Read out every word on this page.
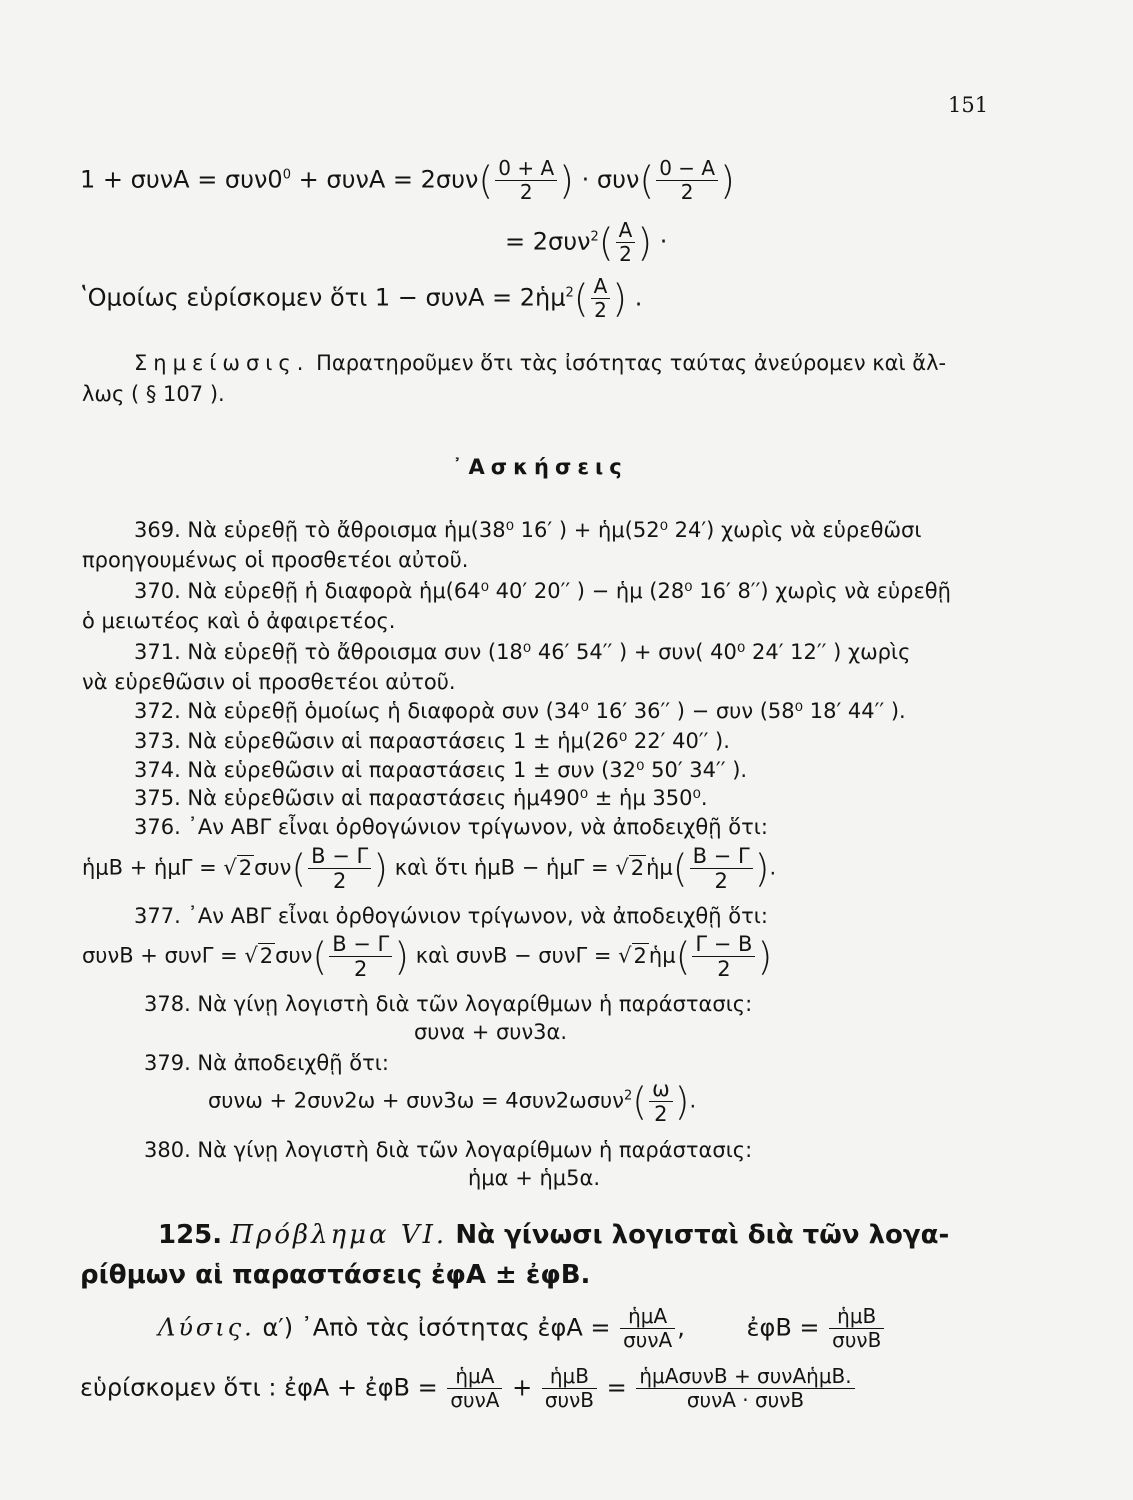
151
$1 + \sigma\upsilon\nu A = \sigma\upsilon\nu 0^0 + \sigma\upsilon\nu A = 2\sigma\upsilon\nu( \frac{0 + A}{2}$ ) · $\sigma\upsilon\nu( \frac{0 - A}{2}$ )
= $2\sigma\upsilon\nu^2( \frac{A}{2}$ ) ·
ʽΟμοίως εὑρίσκομεν ὅτι 1 − συνA = 2ἡμ$^2$( $\frac{A}{2}$ ) .
Σημείωσις. Παρατηροῦμεν ὅτι τὰς ἰσότητας ταύτας ἀνεύρομεν καὶ ἄλ-
λως ( § 107 ).
᾿Ασκήσεις
369. Νὰ εὑρεθῇ τὸ ἄθροισμα ἡμ(38⁰ 16′ ) + ἡμ(52⁰ 24′) χωρὶς νὰ εὑρεθῶσι
προηγουμένως οἱ προσθετέοι αὐτοῦ.
370. Νὰ εὑρεθῇ ἡ διαφορὰ ἡμ(64⁰ 40′ 20′′ ) − ἡμ (28⁰ 16′ 8′′) χωρὶς νὰ εὑρεθῇ
ὁ μειωτέος καὶ ὁ ἀφαιρετέος.
371. Νὰ εὑρεθῇ τὸ ἄθροισμα συν (18⁰ 46′ 54′′ ) + συν( 40⁰ 24′ 12′′ ) χωρὶς
νὰ εὑρεθῶσιν οἱ προσθετέοι αὐτοῦ.
372. Νὰ εὑρεθῇ ὁμοίως ἡ διαφορὰ συν (34⁰ 16′ 36′′ ) − συν (58⁰ 18′ 44′′ ).
373. Νὰ εὑρεθῶσιν αἱ παραστάσεις 1 ± ἡμ(26⁰ 22′ 40′′ ).
374. Νὰ εὑρεθῶσιν αἱ παραστάσεις 1 ± συν (32⁰ 50′ 34′′ ).
375. Νὰ εὑρεθῶσιν αἱ παραστάσεις ἡμ490⁰ ± ἡμ 350⁰.
376. ᾽Αν ΑΒΓ εἶναι ὀρθογώνιον τρίγωνον, νὰ ἀποδειχθῇ ὅτι:
ἡμB + ἡμΓ = $√2\sigma\upsilon\nu( \frac{B - \Gamma}{2}$ ) καὶ ὅτι ἡμB − ἡμΓ = √2ἡμ( $\frac{B - \Gamma}{2}$ ).
377. ᾽Αν ΑΒΓ εἶναι ὀρθογώνιον τρίγωνον, νὰ ἀποδειχθῇ ὅτι:
$\sigma\upsilon\nu B + \sigma\upsilon\nu\Gamma = √2\sigma\upsilon\nu( \frac{B - \Gamma}{2}$ ) καὶ συνB − συνΓ = √2ἡμ( $\frac{\Gamma - B}{2}$ )
378. Νὰ γίνῃ λογιστὴ διὰ τῶν λογαρίθμων ἡ παράστασις:
συνα + συν3α.
379. Νὰ ἀποδειχθῇ ὅτι:
$\sigma\upsilon\nu\omega + 2\sigma\upsilon\nu 2\omega + \sigma\upsilon\nu 3\omega = 4\sigma\upsilon\nu 2\omega\sigma\upsilon\nu^2( \frac{\omega}{2}$ ).
380. Νὰ γίνῃ λογιστὴ διὰ τῶν λογαρίθμων ἡ παράστασις:
ἡμα + ἡμ5α.
125. Πρόβλημα VI. Νὰ γίνωσι λογισταὶ διὰ τῶν λογα-
ρίθμων αἱ παραστάσεις ἐφA ± ἐφB.
Λύσις. α′) ᾽Απὸ τὰς ἰσότητας ἐφA = $\frac{\text{ἡμA}}{\text{συνA}}$ ,	ἐφB = $\frac{\text{ἡμB}}{\text{συνB}}$
εὑρίσκομεν ὅτι : ἐφA + ἐφB = $\frac{\text{ἡμA}}{\text{συνA}} + \frac{\text{ἡμB}}{\text{συνB}} = \frac{\text{ἡμAσυνB + συνAἡμB.}}{\text{συνA · συνB}}$
